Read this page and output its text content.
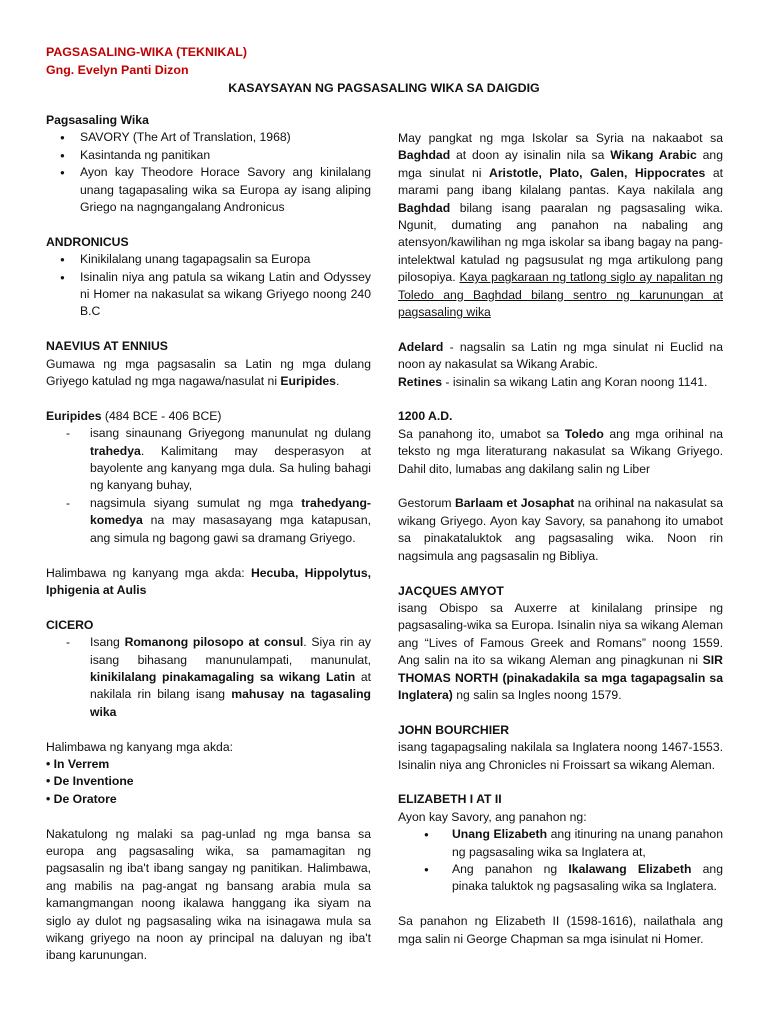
PAGSASALING-WIKA (TEKNIKAL)
Gng. Evelyn Panti Dizon
KASAYSAYAN NG PAGSASALING WIKA SA DAIGDIG

Pagsasaling Wika

● SAVORY (The Art of Translation, 1968)
● Kasintanda ng panitikan
● Ayon kay Theodore Horace Savory ang kinilalang unang tagapasaling wika sa Europa ay isang aliping Griego na nagngangalang Andronicus

ANDRONICUS

● Kinikilalang unang tagapagsalin sa Europa
● Isinalin niya ang patula sa wikang Latin and Odyssey ni Homer na nakasulat sa wikang Griyego noong 240 B.C

NAEVIUS AT ENNIUS

Gumawa ng mga pagsasalin sa Latin ng mga dulang Griyego katulad ng mga nagawa/nasulat ni Euripides.

Euripides (484 BCE - 406 BCE)

- isang sinaunang Griyegong manunulat ng dulang trahedya. Kalimitang may desperasyon at bayolente ang kanyang mga dula. Sa huling bahagi ng kanyang buhay,
- nagsimula siyang sumulat ng mga trahedyang-komedya na may masasayang mga katapusan, ang simula ng bagong gawi sa dramang Griyego.

Halimbawa ng kanyang mga akda: Hecuba, Hippolytus, Iphigenia at Aulis

CICERO

- Isang Romanong pilosopo at consul. Siya rin ay isang bihasang manunulampati, manunulat, kinikilalang pinakamagaling sa wikang Latin at nakilala rin bilang isang mahusay na tagasaling wika

Halimbawa ng kanyang mga akda:

• In Verrem

• De Inventione

• De Oratore

Nakatulong ng malaki sa pag-unlad ng mga bansa sa europa ang pagsasaling wika, sa pamamagitan ng pagsasalin ng iba't ibang sangay ng panitikan. Halimbawa, ang mabilis na pag-angat ng bansang arabia mula sa kamangmangan noong ikalawa hanggang ika siyam na siglo ay dulot ng pagsasaling wika na isinagawa mula sa wikang griyego na noon ay principal na daluyan ng iba't ibang karunungan.

May pangkat ng mga Iskolar sa Syria na nakaabot sa Baghdad at doon ay isinalin nila sa Wikang Arabic ang mga sinulat ni Aristotle, Plato, Galen, Hippocrates at marami pang ibang kilalang pantas. Kaya nakilala ang Baghdad bilang isang paaralan ng pagsasaling wika. Ngunit, dumating ang panahon na nabaling ang atensyon/kawilihan ng mga iskolar sa ibang bagay na pang-intelektwal katulad ng pagsusulat ng mga artikulong pang pilosopiya. Kaya pagkaraan ng tatlong siglo ay napalitan ng Toledo ang Baghdad bilang sentro ng karunungan at pagsasaling wika

Adelard - nagsalin sa Latin ng mga sinulat ni Euclid na noon ay nakasulat sa Wikang Arabic.

Retines - isinalin sa wikang Latin ang Koran noong 1141.

1200 A.D.

Sa panahong ito, umabot sa Toledo ang mga orihinal na teksto ng mga literaturang nakasulat sa Wikang Griyego. Dahil dito, lumabas ang dakilang salin ng Liber

Gestorum Barlaam et Josaphat na orihinal na nakasulat sa wikang Griyego. Ayon kay Savory, sa panahong ito umabot sa pinakataluktok ang pagsasaling wika. Noon rin nagsimula ang pagsasalin ng Bibliya.

JACQUES AMYOT

isang Obispo sa Auxerre at kinilalang prinsipe ng pagsasaling-wika sa Europa. Isinalin niya sa wikang Aleman ang “Lives of Famous Greek and Romans” noong 1559. Ang salin na ito sa wikang Aleman ang pinagkunan ni SIR THOMAS NORTH (pinakadakila sa mga tagapagsalin sa Inglatera) ng salin sa Ingles noong 1579.

JOHN BOURCHIER

isang tagapagsaling nakilala sa Inglatera noong 1467-1553. Isinalin niya ang Chronicles ni Froissart sa wikang Aleman.

ELIZABETH I AT II

Ayon kay Savory, ang panahon ng:

● Unang Elizabeth ang itinuring na unang panahon ng pagsasaling wika sa Inglatera at,
● Ang panahon ng Ikalawang Elizabeth ang pinaka taluktok ng pagsasaling wika sa Inglatera.

Sa panahon ng Elizabeth II (1598-1616), nailathala ang mga salin ni George Chapman sa mga isinulat ni Homer.
